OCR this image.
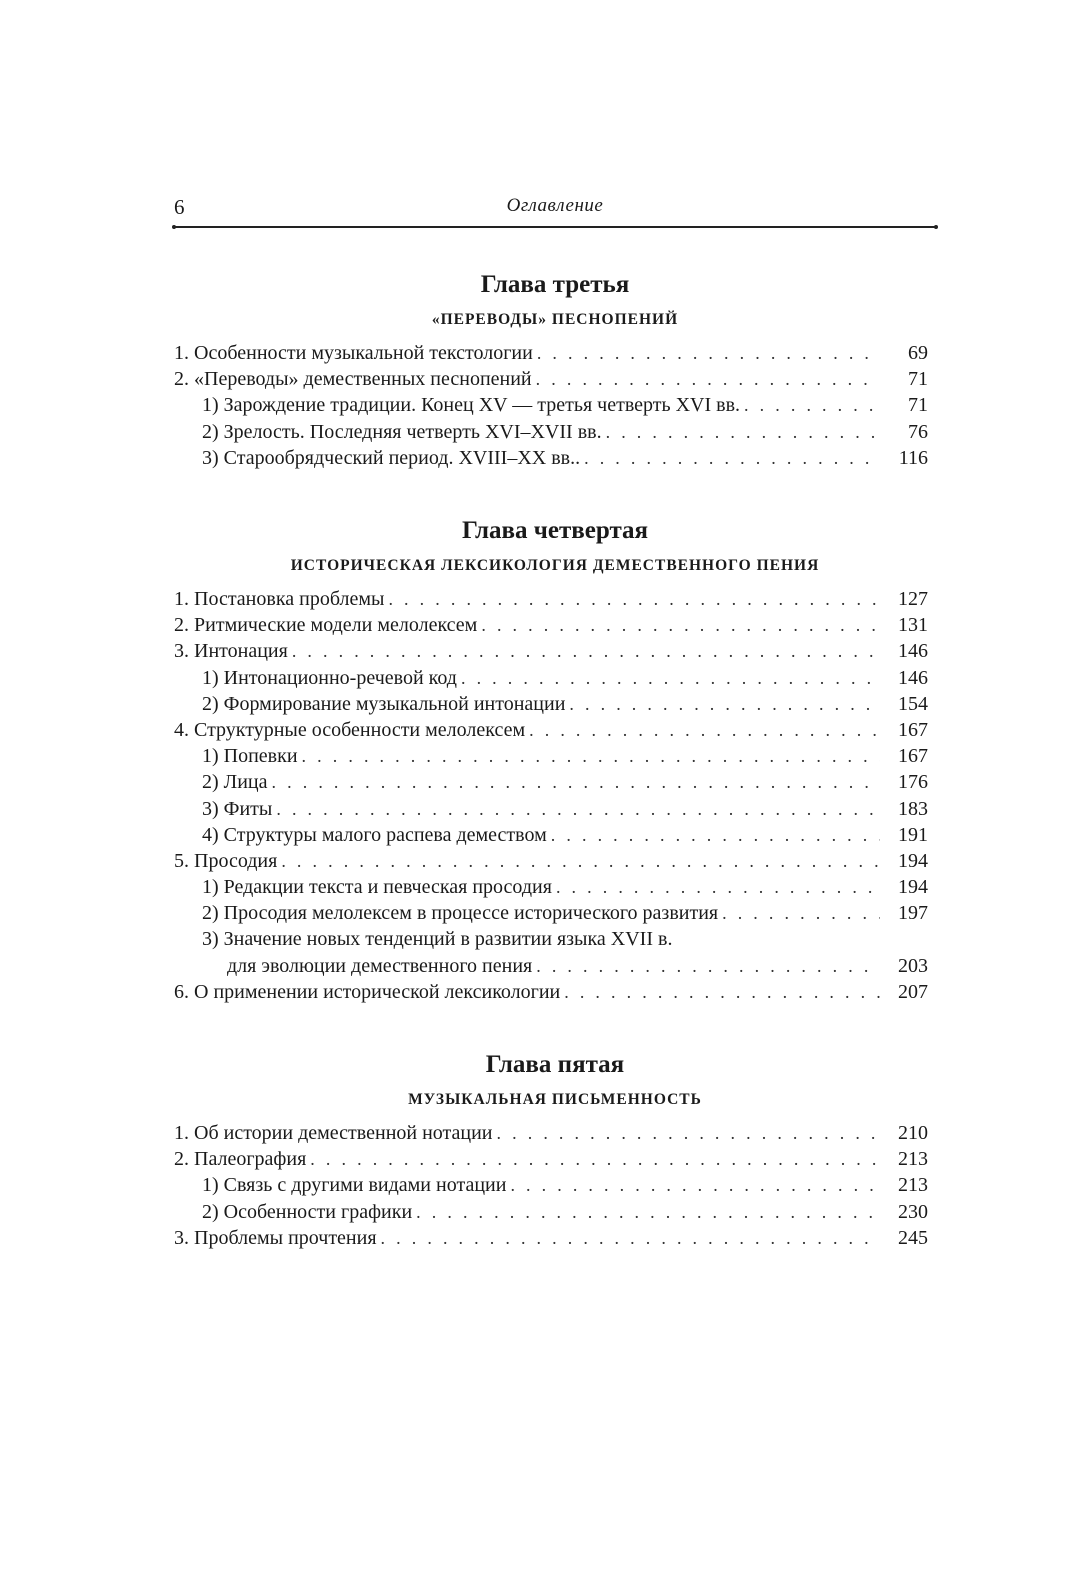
6	Оглавление
Глава третья
«ПЕРЕВОДЫ» ПЕСНОПЕНИЙ
1. Особенности музыкальной текстологии . . .	69
2. «Переводы» демественных песнопений . . .	71
1) Зарождение традиции. Конец XV — третья четверть XVI вв. . . .	71
2) Зрелость. Последняя четверть XVI–XVII вв. . . .	76
3) Старообрядческий период. XVIII–XX вв.. . . .	116
Глава четвертая
ИСТОРИЧЕСКАЯ ЛЕКСИКОЛОГИЯ ДЕМЕСТВЕННОГО ПЕНИЯ
1. Постановка проблемы . . .	127
2. Ритмические модели мелолексем . . .	131
3. Интонация . . .	146
1) Интонационно-речевой код . . .	146
2) Формирование музыкальной интонации . . .	154
4. Структурные особенности мелолексем . . .	167
1) Попевки . . .	167
2) Лица . . .	176
3) Фиты . . .	183
4) Структуры малого распева демеством . . .	191
5. Просодия . . .	194
1) Редакции текста и певческая просодия . . .	194
2) Просодия мелолексем в процессе исторического развития . . .	197
3) Значение новых тенденций в развитии языка XVII в.
для эволюции демественного пения . . .	203
6. О применении исторической лексикологии . . .	207
Глава пятая
МУЗЫКАЛЬНАЯ ПИСЬМЕННОСТЬ
1. Об истории демественной нотации . . .	210
2. Палеография . . .	213
1) Связь с другими видами нотации . . .	213
2) Особенности графики . . .	230
3. Проблемы прочтения . . .	245
